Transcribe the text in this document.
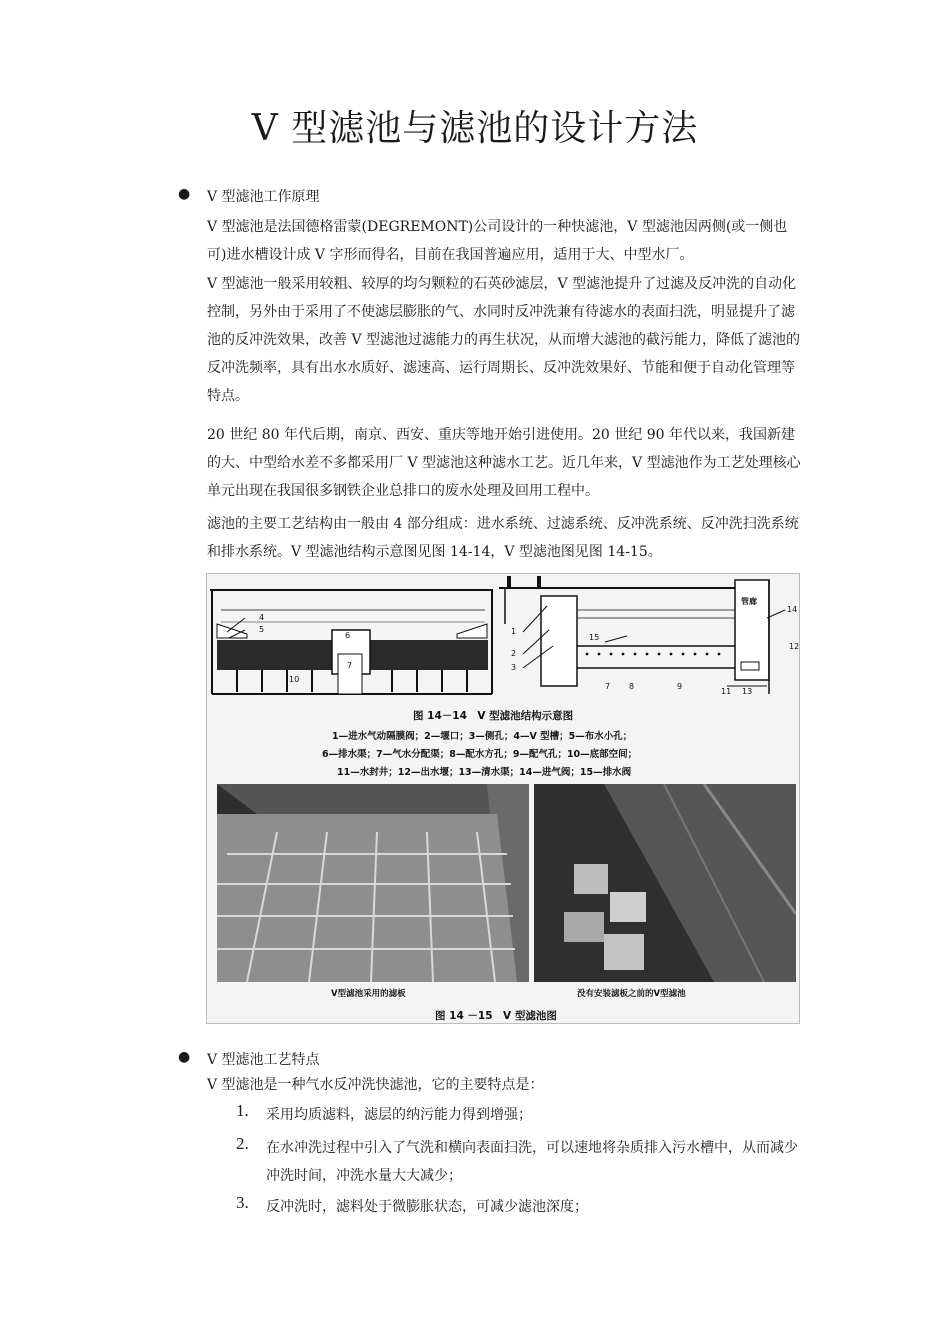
V 型滤池与滤池的设计方法
● V 型滤池工作原理

V 型滤池是法国德格雷蒙(DEGREMONT)公司设计的一种快滤池，V 型滤池因两侧(或一侧也可)进水槽设计成 V 字形而得名，目前在我国普遍应用，适用于大、中型水厂。

V 型滤池一般采用较粗、较厚的均匀颗粒的石英砂滤层，V 型滤池提升了过滤及反冲洗的自动化控制，另外由于采用了不使滤层膨胀的气、水同时反冲洗兼有待滤水的表面扫洗，明显提升了滤池的反冲洗效果，改善 V 型滤池过滤能力的再生状况，从而增大滤池的截污能力，降低了滤池的反冲洗频率，具有出水水质好、滤速高、运行周期长、反冲洗效果好、节能和便于自动化管理等特点。

20 世纪 80 年代后期，南京、西安、重庆等地开始引进使用。20 世纪 90 年代以来，我国新建的大、中型给水差不多都采用厂 V 型滤池这种滤水工艺。近几年来，V 型滤池作为工艺处理核心单元出现在我国很多钢铁企业总排口的废水处理及回用工程中。

滤池的主要工艺结构由一般由 4 部分组成：进水系统、过滤系统、反冲洗系统、反冲洗扫洗系统和排水系统。V 型滤池结构示意图见图 14-14，V 型滤池图见图 14-15。

4
5
6
7
10
管廊
14
12
1
2
3
15
7 8	9
11 13
图 14－14　V 型滤池结构示意图
1—进水气动隔膜阀；2—堰口；3—侧孔；4—V 型槽；5—布水小孔；
6—排水渠；7—气水分配渠；8—配水方孔；9—配气孔；10—底部空间；
11—水封井；12—出水堰；13—清水渠；14—进气阀；15—排水阀
V型滤池采用的滤板	没有安装滤板之前的V型滤池
图 14 －15　V 型滤池图
● V 型滤池工艺特点

V 型滤池是一种气水反冲洗快滤池，它的主要特点是：

1. 采用均质滤料，滤层的纳污能力得到增强；
2. 在水冲洗过程中引入了气洗和横向表面扫洗，可以速地将杂质排入污水槽中，从而减少冲洗时间，冲洗水量大大减少；
3. 反冲洗时，滤料处于微膨胀状态，可减少滤池深度；
